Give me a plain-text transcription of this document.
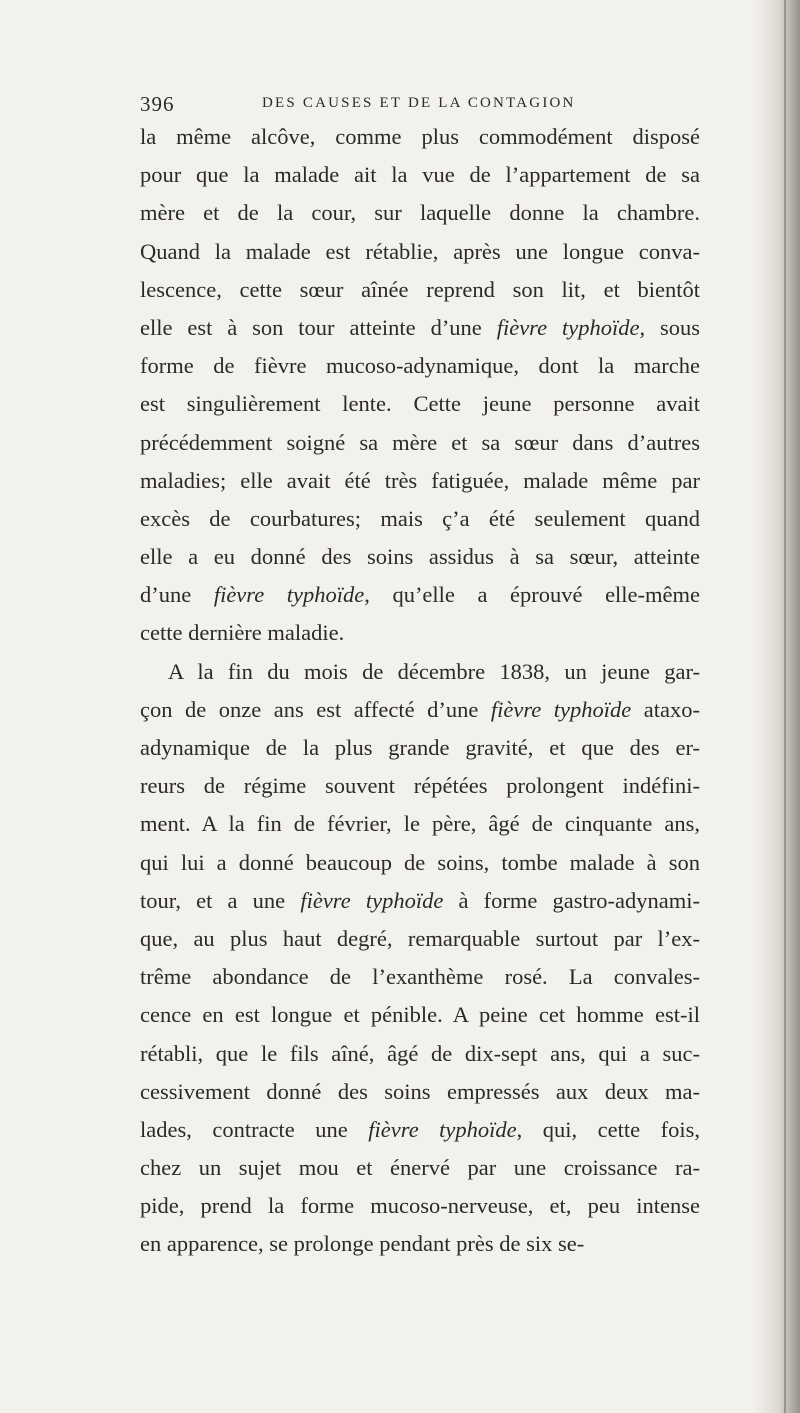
396	DES CAUSES ET DE LA CONTAGION
la même alcôve, comme plus commodément disposé
pour que la malade ait la vue de l’appartement de sa
mère et de la cour, sur laquelle donne la chambre.
Quand la malade est rétablie, après une longue conva-
lescence, cette sœur aînée reprend son lit, et bientôt
elle est à son tour atteinte d’une fièvre typhoïde, sous
forme de fièvre mucoso-adynamique, dont la marche
est singulièrement lente. Cette jeune personne avait
précédemment soigné sa mère et sa sœur dans d’autres
maladies; elle avait été très fatiguée, malade même par
excès de courbatures; mais ç’a été seulement quand
elle a eu donné des soins assidus à sa sœur, atteinte
d’une fièvre typhoïde, qu’elle a éprouvé elle-même
cette dernière maladie.
A la fin du mois de décembre 1838, un jeune gar-
çon de onze ans est affecté d’une fièvre typhoïde ataxo-
adynamique de la plus grande gravité, et que des er-
reurs de régime souvent répétées prolongent indéfini-
ment. A la fin de février, le père, âgé de cinquante ans,
qui lui a donné beaucoup de soins, tombe malade à son
tour, et a une fièvre typhoïde à forme gastro-adynami-
que, au plus haut degré, remarquable surtout par l’ex-
trême abondance de l’exanthème rosé. La convales-
cence en est longue et pénible. A peine cet homme est-il
rétabli, que le fils aîné, âgé de dix-sept ans, qui a suc-
cessivement donné des soins empressés aux deux ma-
lades, contracte une fièvre typhoïde, qui, cette fois,
chez un sujet mou et énervé par une croissance ra-
pide, prend la forme mucoso-nerveuse, et, peu intense
en apparence, se prolonge pendant près de six se-
